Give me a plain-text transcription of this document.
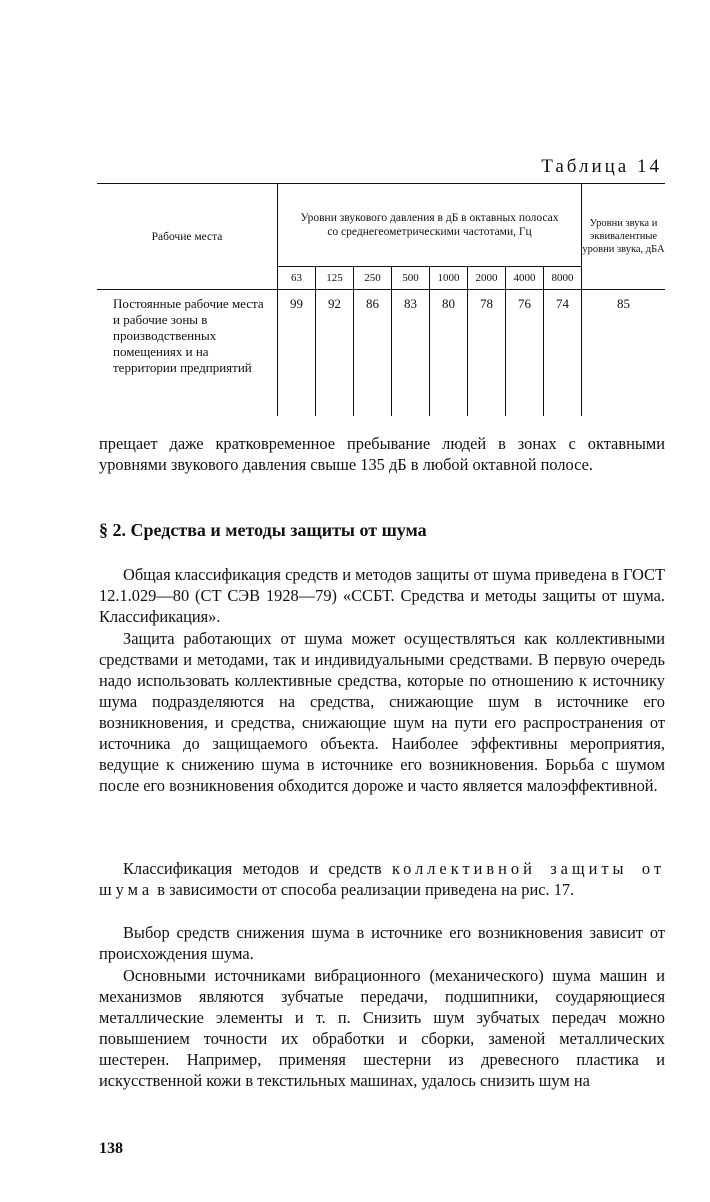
Таблица 14
Рабочие места	Уровни звукового давления в дБ в октавных полосах со среднегеометрическими частотами, Гц								Уровни звука и эквивалентные уровни звука, дБА
	63	125	250	500	1000	2000	4000	8000	
Постоянные рабочие места и рабочие зоны в производственных помещениях и на территории предприятий	99	92	86	83	80	78	76	74	85

прещает даже кратковременное пребывание людей в зонах с октавными уровнями звукового давления свыше 135 дБ в любой октавной полосе.

§ 2. Средства и методы защиты от шума

Общая классификация средств и методов защиты от шума приведена в ГОСТ 12.1.029—80 (СТ СЭВ 1928—79) «ССБТ. Средства и методы защиты от шума. Классификация».

Защита работающих от шума может осуществляться как коллективными средствами и методами, так и индивидуальными средствами. В первую очередь надо использовать коллективные средства, которые по отношению к источнику шума подразделяются на средства, снижающие шум в источнике его возникновения, и средства, снижающие шум на пути его распространения от источника до защищаемого объекта. Наиболее эффективны мероприятия, ведущие к снижению шума в источнике его возникновения. Борьба с шумом после его возникновения обходится дороже и часто является малоэффективной.

Классификация методов и средств коллективной защиты от шума в зависимости от способа реализации приведена на рис. 17.

Выбор средств снижения шума в источнике его возникновения зависит от происхождения шума.

Основными источниками вибрационного (механического) шума машин и механизмов являются зубчатые передачи, подшипники, соударяющиеся металлические элементы и т. п. Снизить шум зубчатых передач можно повышением точности их обработки и сборки, заменой металлических шестерен. Например, применяя шестерни из древесного пластика и искусственной кожи в текстильных машинах, удалось снизить шум на

138
